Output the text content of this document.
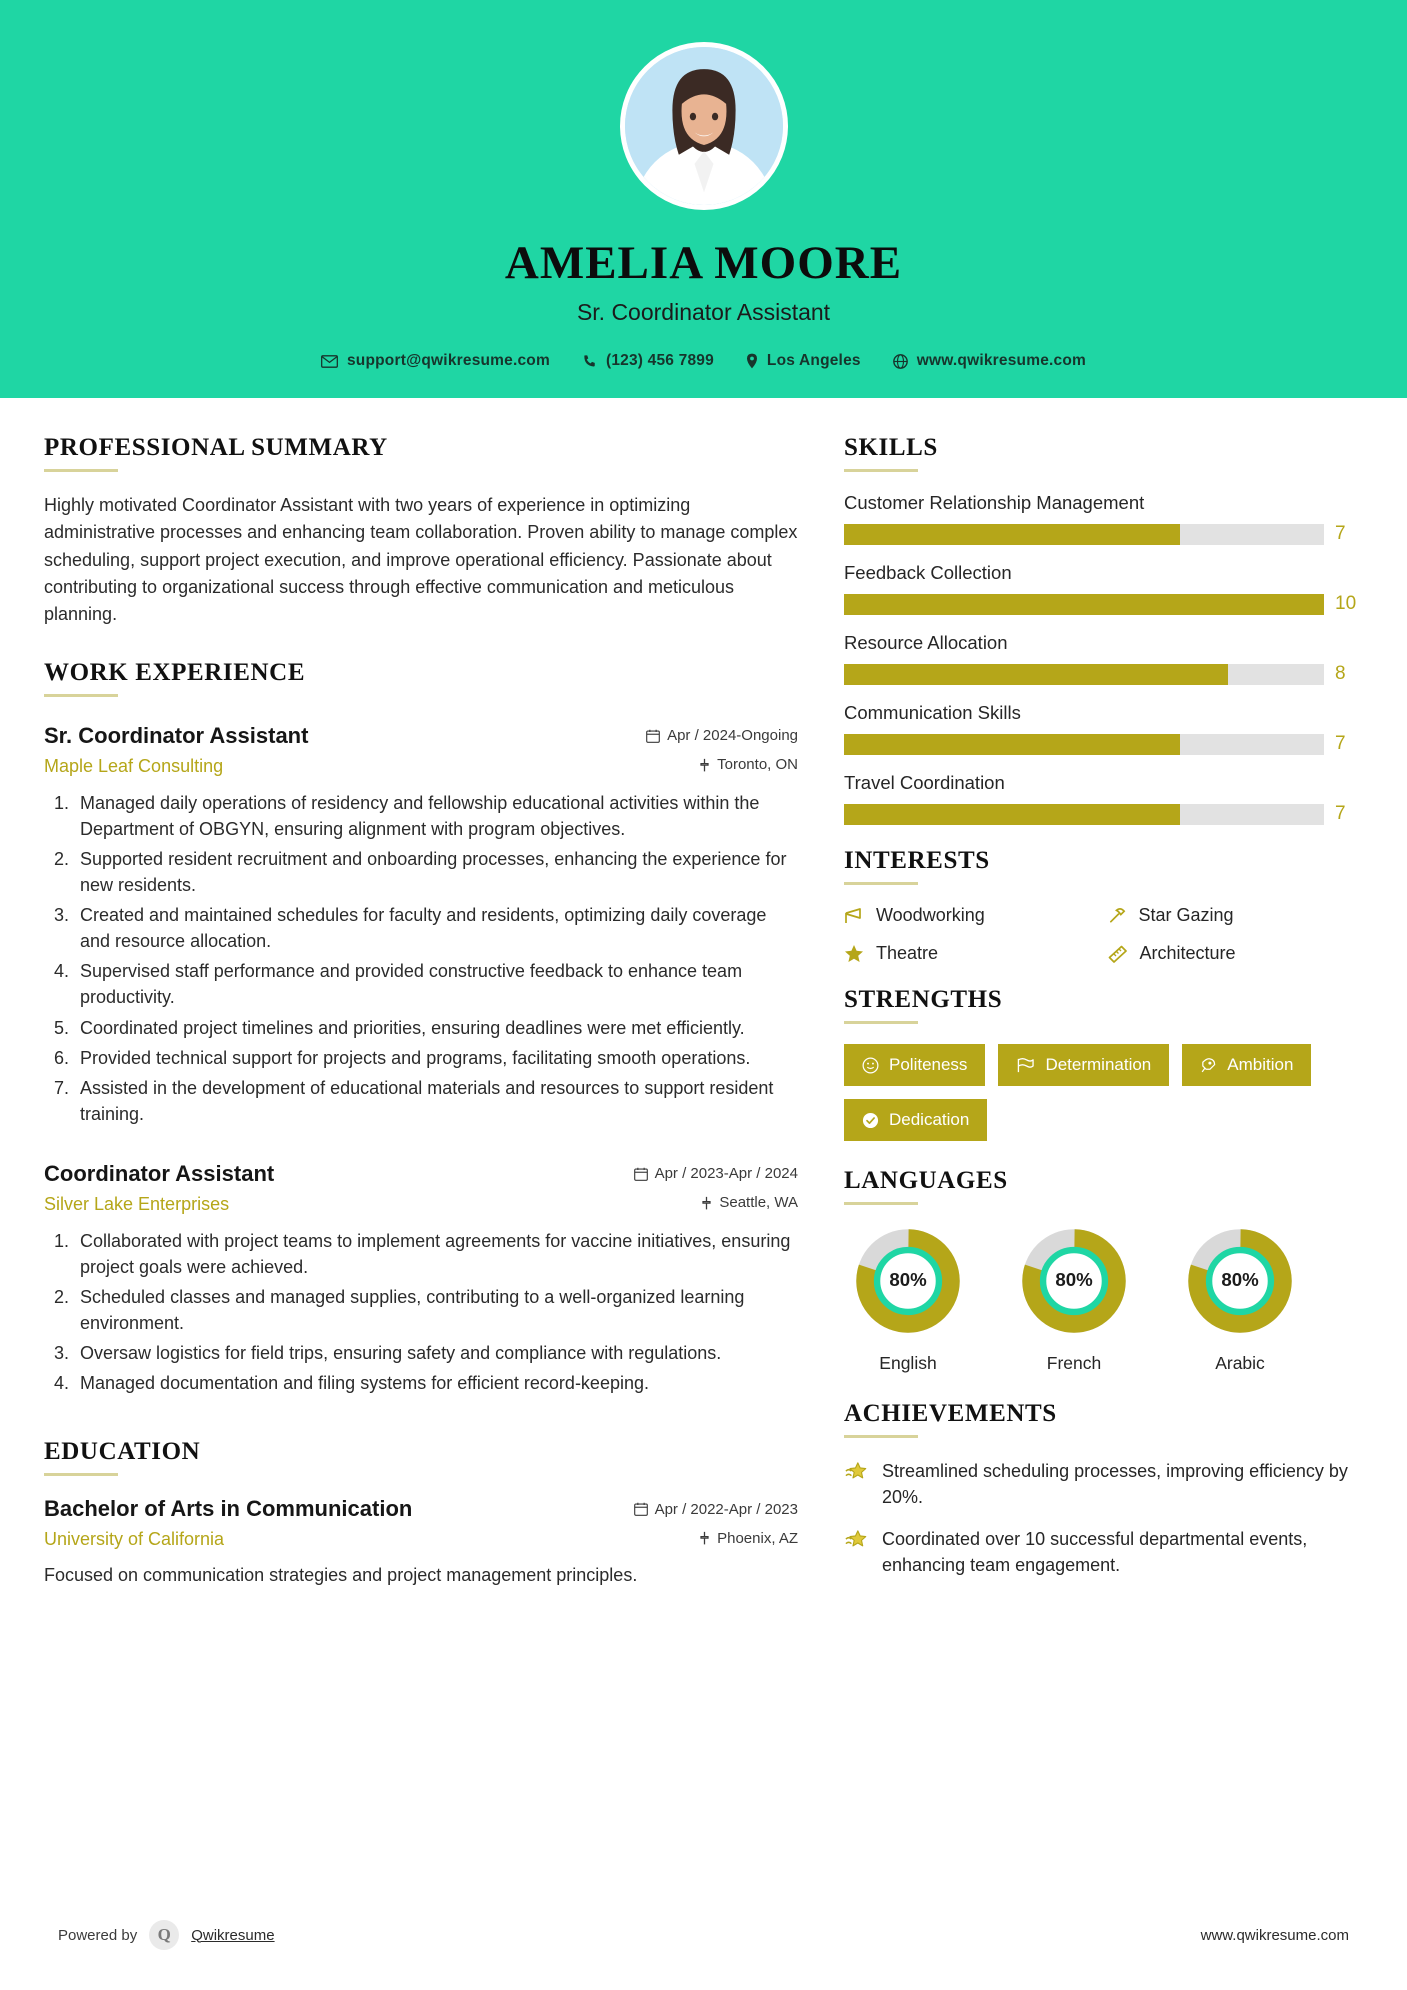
AMELIA MOORE
Sr. Coordinator Assistant
support@qwikresume.com	(123) 456 7899	Los Angeles	www.qwikresume.com
PROFESSIONAL SUMMARY
Highly motivated Coordinator Assistant with two years of experience in optimizing administrative processes and enhancing team collaboration. Proven ability to manage complex scheduling, support project execution, and improve operational efficiency. Passionate about contributing to organizational success through effective communication and meticulous planning.
WORK EXPERIENCE
Sr. Coordinator Assistant	Apr / 2024-Ongoing
Maple Leaf Consulting	Toronto, ON
1. Managed daily operations of residency and fellowship educational activities within the Department of OBGYN, ensuring alignment with program objectives.
2. Supported resident recruitment and onboarding processes, enhancing the experience for new residents.
3. Created and maintained schedules for faculty and residents, optimizing daily coverage and resource allocation.
4. Supervised staff performance and provided constructive feedback to enhance team productivity.
5. Coordinated project timelines and priorities, ensuring deadlines were met efficiently.
6. Provided technical support for projects and programs, facilitating smooth operations.
7. Assisted in the development of educational materials and resources to support resident training.
Coordinator Assistant	Apr / 2023-Apr / 2024
Silver Lake Enterprises	Seattle, WA
1. Collaborated with project teams to implement agreements for vaccine initiatives, ensuring project goals were achieved.
2. Scheduled classes and managed supplies, contributing to a well-organized learning environment.
3. Oversaw logistics for field trips, ensuring safety and compliance with regulations.
4. Managed documentation and filing systems for efficient record-keeping.
EDUCATION
Bachelor of Arts in Communication	Apr / 2022-Apr / 2023
University of California	Phoenix, AZ
Focused on communication strategies and project management principles.
SKILLS
Customer Relationship Management
7
Feedback Collection
10
Resource Allocation
8
Communication Skills
7
Travel Coordination
7
INTERESTS
Woodworking	Star Gazing
Theatre	Architecture
STRENGTHS
Politeness	Determination	Ambition
Dedication
LANGUAGES
80%
English
80%
French
80%
Arabic
ACHIEVEMENTS
Streamlined scheduling processes, improving efficiency by 20%.
Coordinated over 10 successful departmental events, enhancing team engagement.
Powered by	Q	Qwikresume	www.qwikresume.com
